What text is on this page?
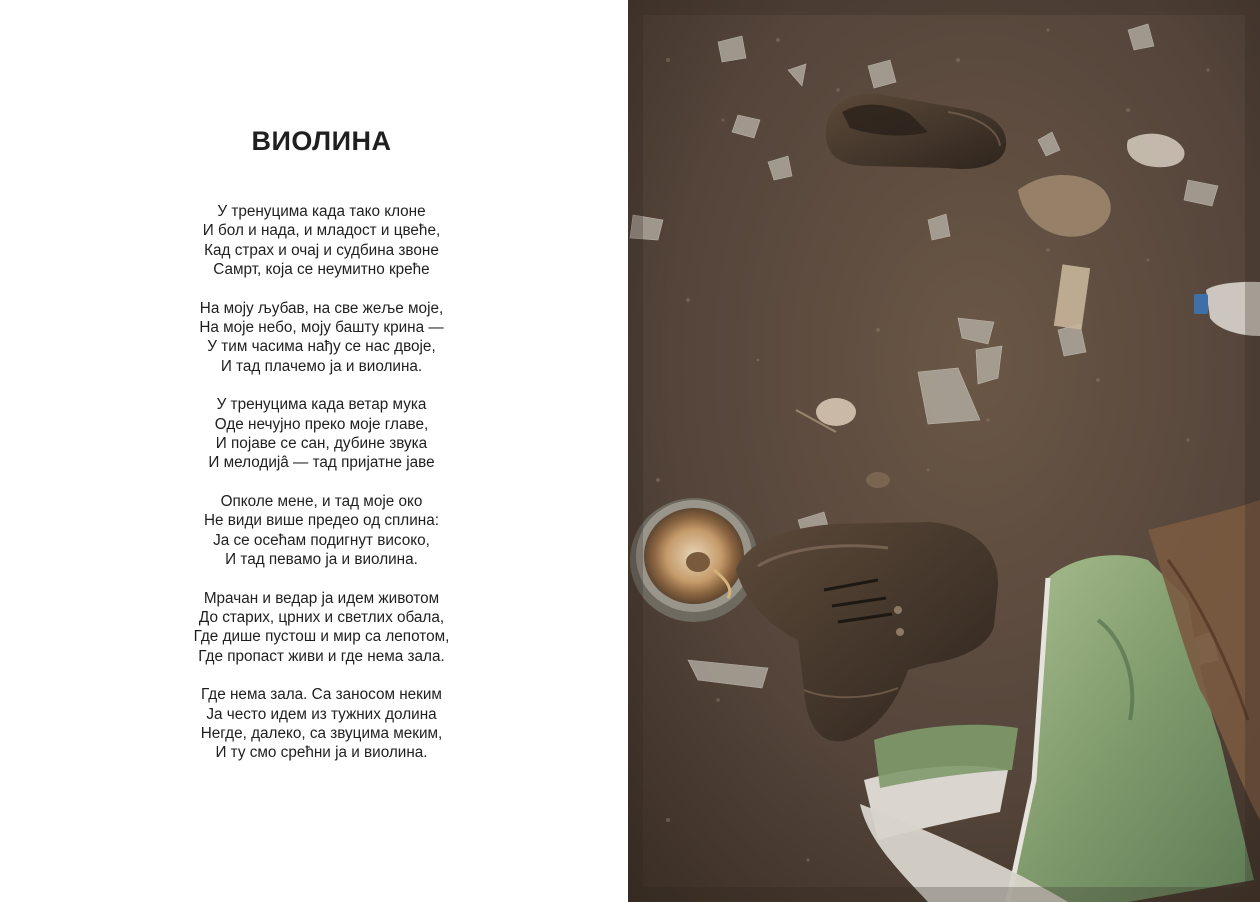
ВИОЛИНА
У тренуцима када тако клоне
И бол и нада, и младост и цвеће,
Кад страх и очај и судбина звоне
Самрт, која се неумитно креће
На моју љубав, на све жеље моје,
На моје небо, моју башту крина —
У тим часима нађу се нас двоје,
И тад плачемо ја и виолина.
У тренуцима када ветар мука
Оде нечујно преко моје главе,
И појаве се сан, дубине звука
И мелодијâ — тад пријатне јаве
Опколе мене, и тад моје око
Не види више предео од сплина:
Ја се осећам подигнут високо,
И тад певамо ја и виолина.
Мрачан и ведар ја идем животом
До старих, црних и светлих обала,
Где дише пустош и мир са лепотом,
Где пропаст живи и где нема зала.
Где нема зала. Са заносом неким
Ја често идем из тужних долина
Негде, далеко, са звуцима меким,
И ту смо срећни ја и виолина.
